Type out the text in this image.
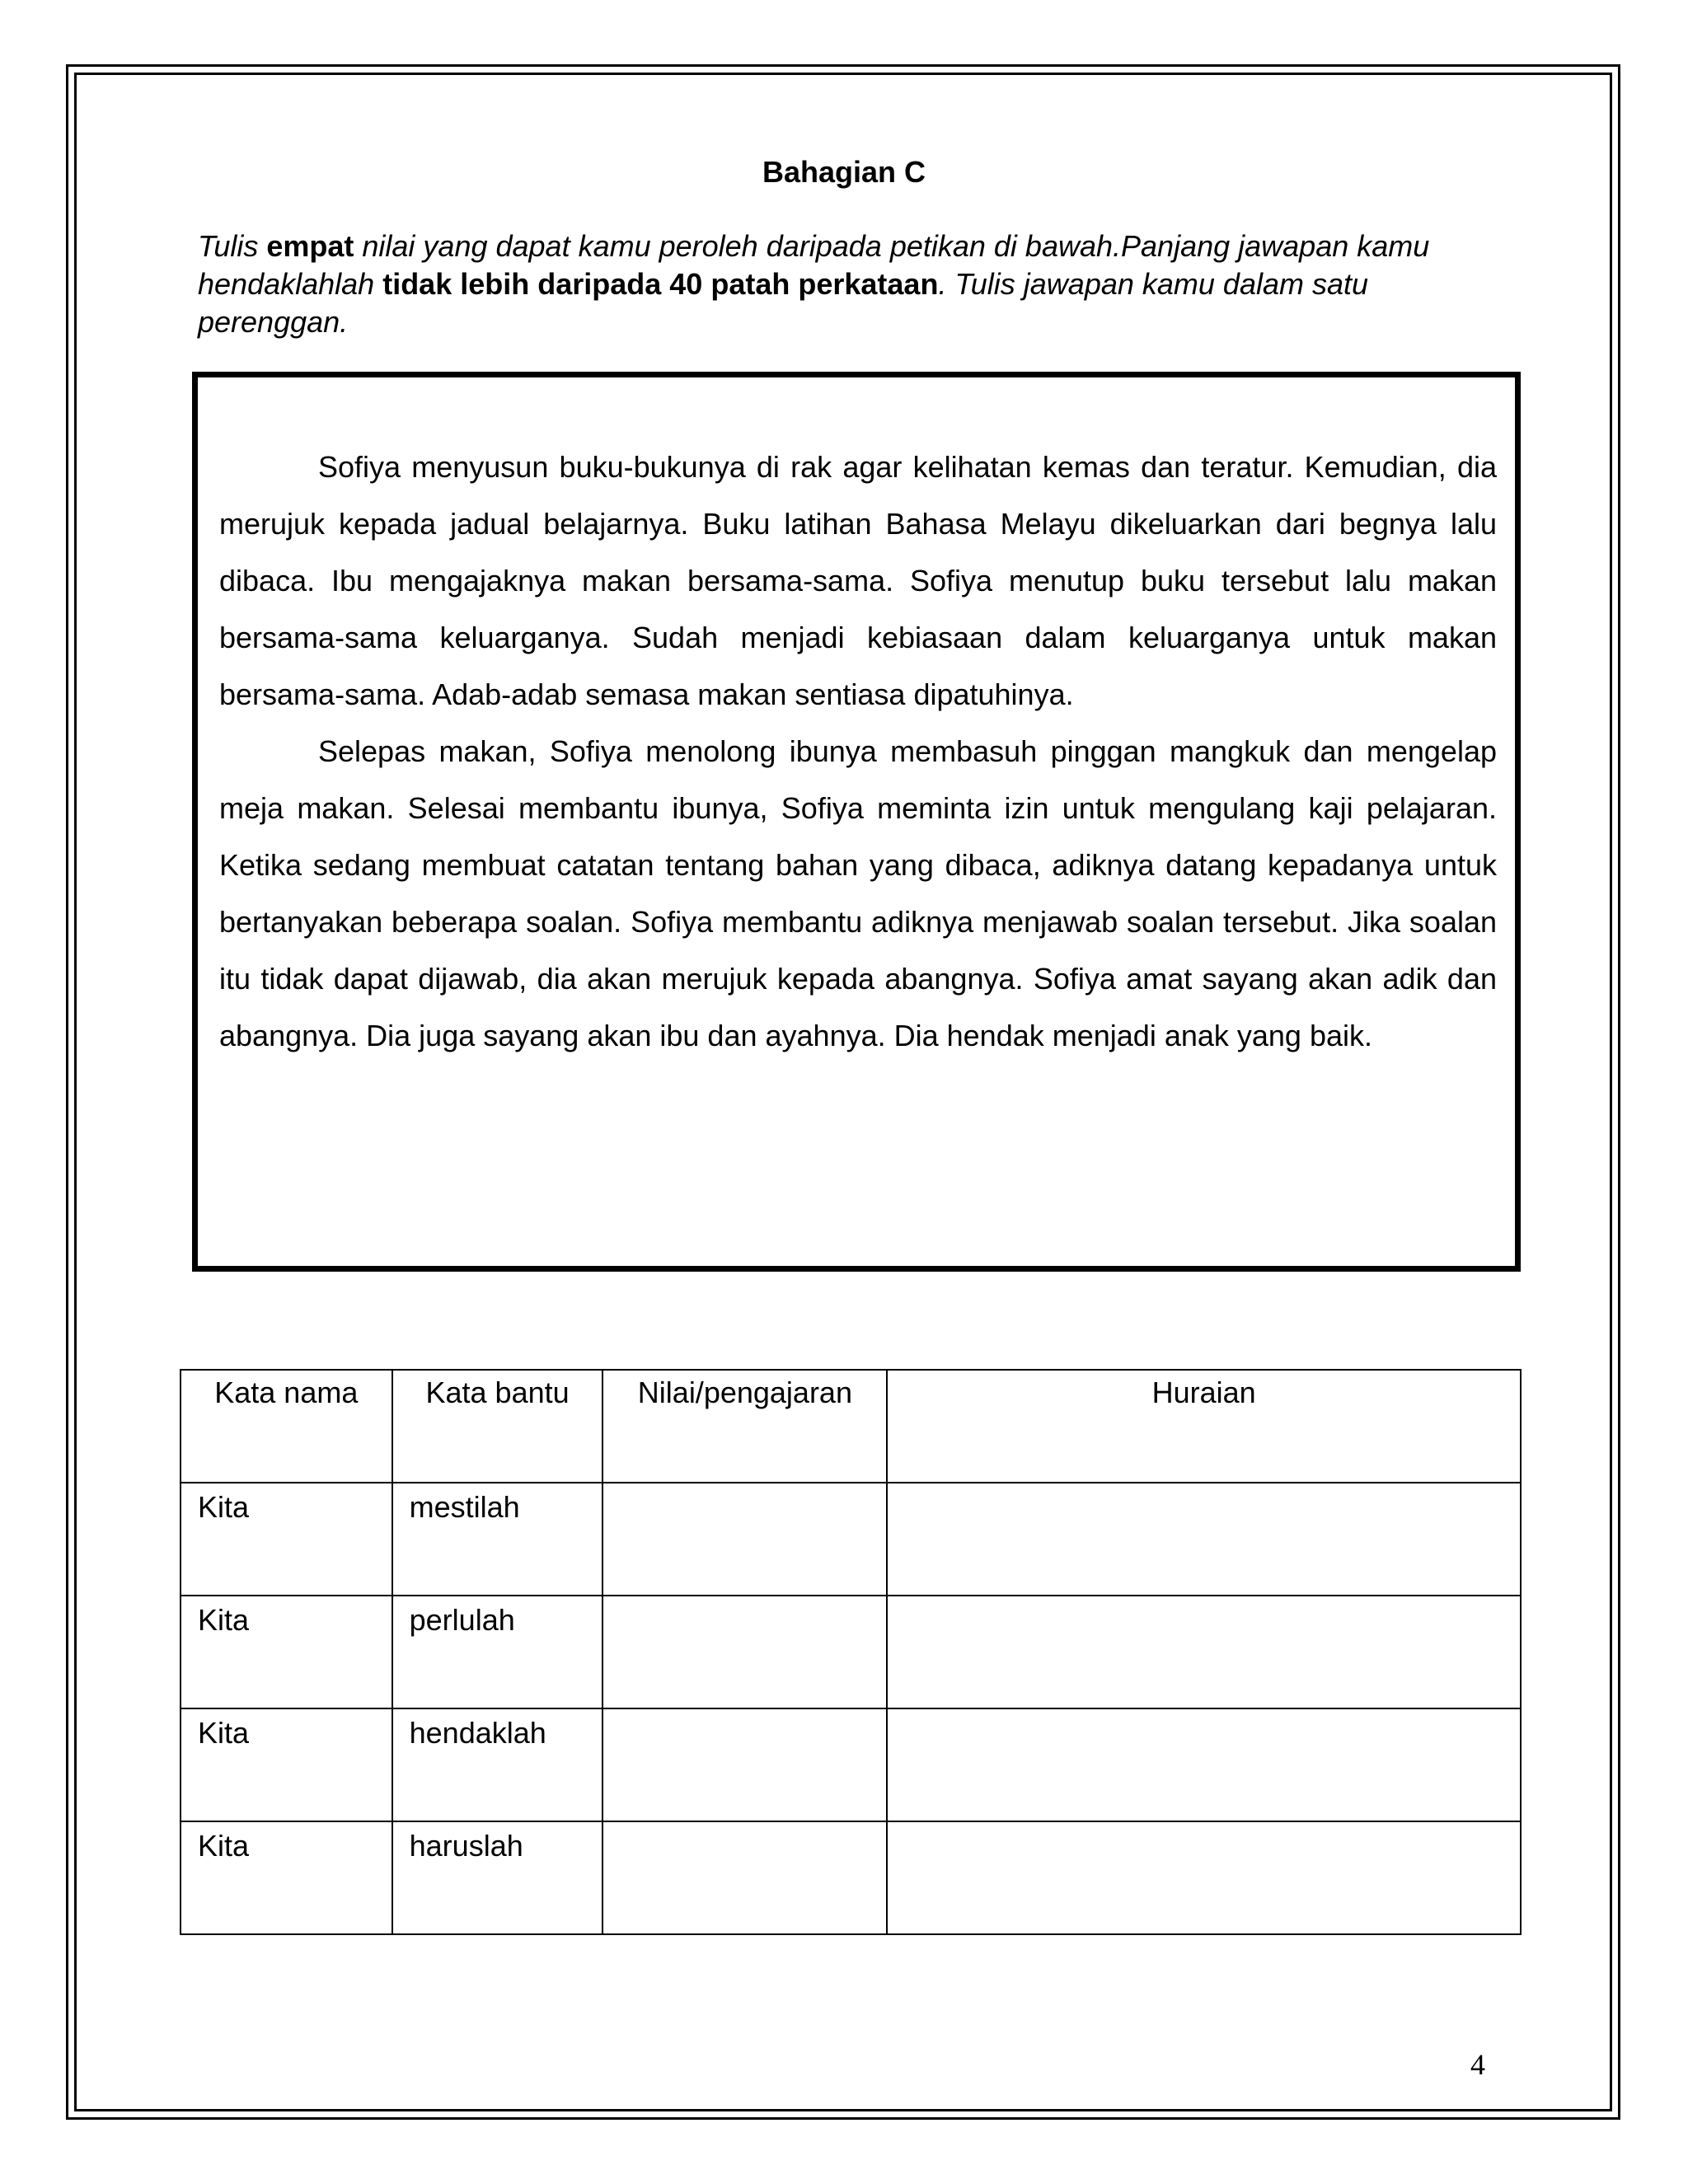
Bahagian C
Tulis empat nilai yang dapat kamu peroleh daripada petikan di bawah.Panjang jawapan kamu hendaklahlah tidak lebih daripada 40 patah perkataan. Tulis jawapan kamu dalam satu perenggan.

Sofiya menyusun buku-bukunya di rak agar kelihatan kemas dan teratur. Kemudian, dia merujuk kepada jadual belajarnya. Buku latihan Bahasa Melayu dikeluarkan dari begnya lalu dibaca. Ibu mengajaknya makan bersama-sama. Sofiya menutup buku tersebut lalu makan bersama-sama keluarganya. Sudah menjadi kebiasaan dalam keluarganya untuk makan bersama-sama. Adab-adab semasa makan sentiasa dipatuhinya.

Selepas makan, Sofiya menolong ibunya membasuh pinggan mangkuk dan mengelap meja makan. Selesai membantu ibunya, Sofiya meminta izin untuk mengulang kaji pelajaran. Ketika sedang membuat catatan tentang bahan yang dibaca, adiknya datang kepadanya untuk bertanyakan beberapa soalan. Sofiya membantu adiknya menjawab soalan tersebut. Jika soalan itu tidak dapat dijawab, dia akan merujuk kepada abangnya. Sofiya amat sayang akan adik dan abangnya. Dia juga sayang akan ibu dan ayahnya. Dia hendak menjadi anak yang baik.

Kata nama	Kata bantu	Nilai/pengajaran	Huraian
Kita	mestilah		
Kita	perlulah		
Kita	hendaklah		
Kita	haruslah		
4
